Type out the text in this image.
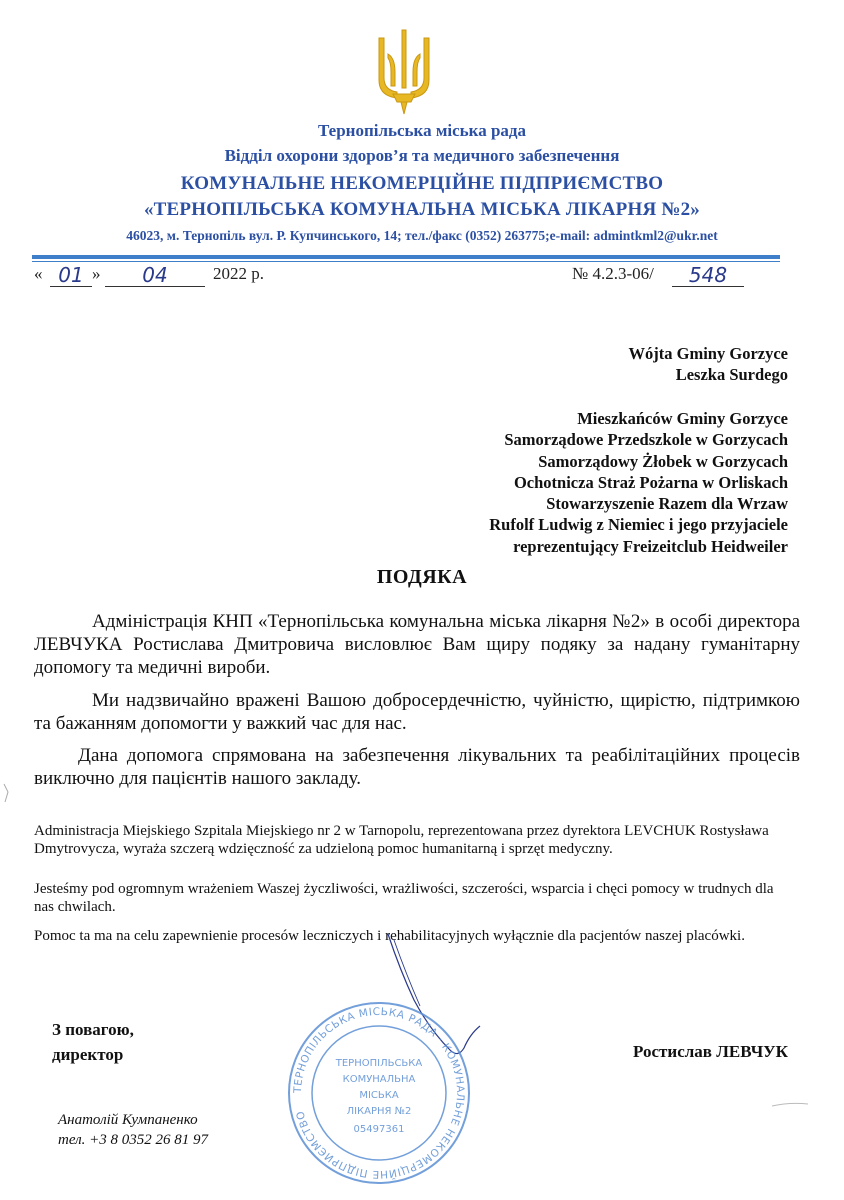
Тернопільська міська рада
Відділ охорони здоров’я та медичного забезпечення
КОМУНАЛЬНЕ НЕКОМЕРЦІЙНЕ ПІДПРИЄМСТВО
«ТЕРНОПІЛЬСЬКА КОМУНАЛЬНА МІСЬКА ЛІКАРНЯ №2»
46023, м. Тернопіль вул. Р. Купчинського, 14; тел./факс (0352) 263775;e-mail: admintkml2@ukr.net
« 01 »	04	2022 р.	№ 4.2.3-06/	548
Wójta Gminy Gorzyce
Leszka Surdego
Mieszkańców Gminy Gorzyce
Samorządowe Przedszkole w Gorzycach
Samorządowy Żłobek w Gorzycach
Ochotnicza Straż Pożarna w Orliskach
Stowarzyszenie Razem dla Wrzaw
Rufolf Ludwig z Niemiec i jego przyjaciele
reprezentujący Freizeitclub Heidweiler
ПОДЯКА
Адміністрація КНП «Тернопільська комунальна міська лікарня №2» в особі директора ЛЕВЧУКА Ростислава Дмитровича висловлює Вам щиру подяку за надану гуманітарну допомогу та медичні вироби.
Ми надзвичайно вражені Вашою добросердечністю, чуйністю, щирістю, підтримкою та бажанням допомогти у важкий час для нас.
Дана допомога спрямована на забезпечення лікувальних та реабілітаційних процесів виключно для пацієнтів нашого закладу.
Administracja Miejskiego Szpitala Miejskiego nr 2 w Tarnopolu, reprezentowana przez dyrektora LEVCHUK Rostysława Dmytrovycza, wyraża szczerą wdzięczność za udzieloną pomoc humanitarną i sprzęt medyczny.
Jesteśmy pod ogromnym wrażeniem Waszej życzliwości, wrażliwości, szczerości, wsparcia i chęci pomocy w trudnych dla nas chwilach.
Pomoc ta ma na celu zapewnienie procesów leczniczych i rehabilitacyjnych wyłącznie dla pacjentów naszej placówki.
ТЕРНОПІЛЬСЬКА МІСЬКА РАДА · КОМУНАЛЬНЕ НЕКОМЕРЦІЙНЕ ПІДПРИЄМСТВО
ТЕРНОПІЛЬСЬКА
КОМУНАЛЬНА
МІСЬКА
ЛІКАРНЯ №2
05497361
З повагою,
директор	Ростислав ЛЕВЧУК
Анатолій Кумпаненко
тел. +3 8 0352 26 81 97
